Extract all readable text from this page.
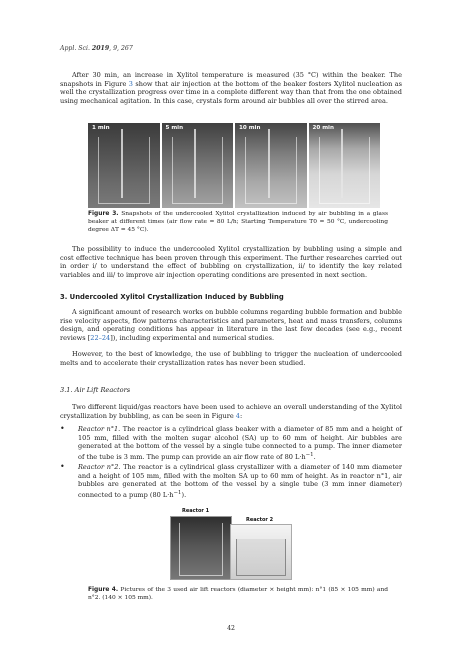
Appl. Sci. 2019, 9, 267

After 30 min, an increase in Xylitol temperature is measured (35 °C) within the beaker. The snapshots in Figure 3 show that air injection at the bottom of the beaker fosters Xylitol nucleation as well the crystallization progress over time in a complete different way than that from the one obtained using mechanical agitation. In this case, crystals form around air bubbles all over the stirred area.

1 min	5 min	10 min	20 min
Figure 3. Snapshots of the undercooled Xylitol crystallization induced by air bubbling in a glass beaker at different times (air flow rate = 80 L/h; Starting Temperature T0 = 50 °C, undercooling degree ΔT = 45 °C).

The possibility to induce the undercooled Xylitol crystallization by bubbling using a simple and cost effective technique has been proven through this experiment. The further researches carried out in order i/ to understand the effect of bubbling on crystallization, ii/ to identify the key related variables and iii/ to improve air injection operating conditions are presented in next section.

3. Undercooled Xylitol Crystallization Induced by Bubbling

A significant amount of research works on bubble columns regarding bubble formation and bubble rise velocity aspects, flow patterns characteristics and parameters, heat and mass transfers, columns design, and operating conditions has appear in literature in the last few decades (see e.g., recent reviews [22–24]), including experimental and numerical studies.

However, to the best of knowledge, the use of bubbling to trigger the nucleation of undercooled melts and to accelerate their crystallization rates has never been studied.

3.1. Air Lift Reactors

Two different liquid/gas reactors have been used to achieve an overall understanding of the Xylitol crystallization by bubbling, as can be seen in Figure 4:

• Reactor n°1. The reactor is a cylindrical glass beaker with a diameter of 85 mm and a height of 105 mm, filled with the molten sugar alcohol (SA) up to 60 mm of height. Air bubbles are generated at the bottom of the vessel by a single tube connected to a pump. The inner diameter of the tube is 3 mm. The pump can provide an air flow rate of 80 $L\cdot h^{-1}$.
• Reactor n°2. The reactor is a cylindrical glass crystallizer with a diameter of 140 mm diameter and a height of 105 mm, filled with the molten SA up to 60 mm of height. As in reactor n°1, air bubbles are generated at the bottom of the vessel by a single tube (3 mm inner diameter) connected to a pump (80 $L\cdot h^{-1}$).
Reactor 1
Reactor 2
Figure 4. Pictures of the 3 used air lift reactors (diameter × height mm): n°1 (85 × 105 mm) and n°2. (140 × 105 mm).
42
